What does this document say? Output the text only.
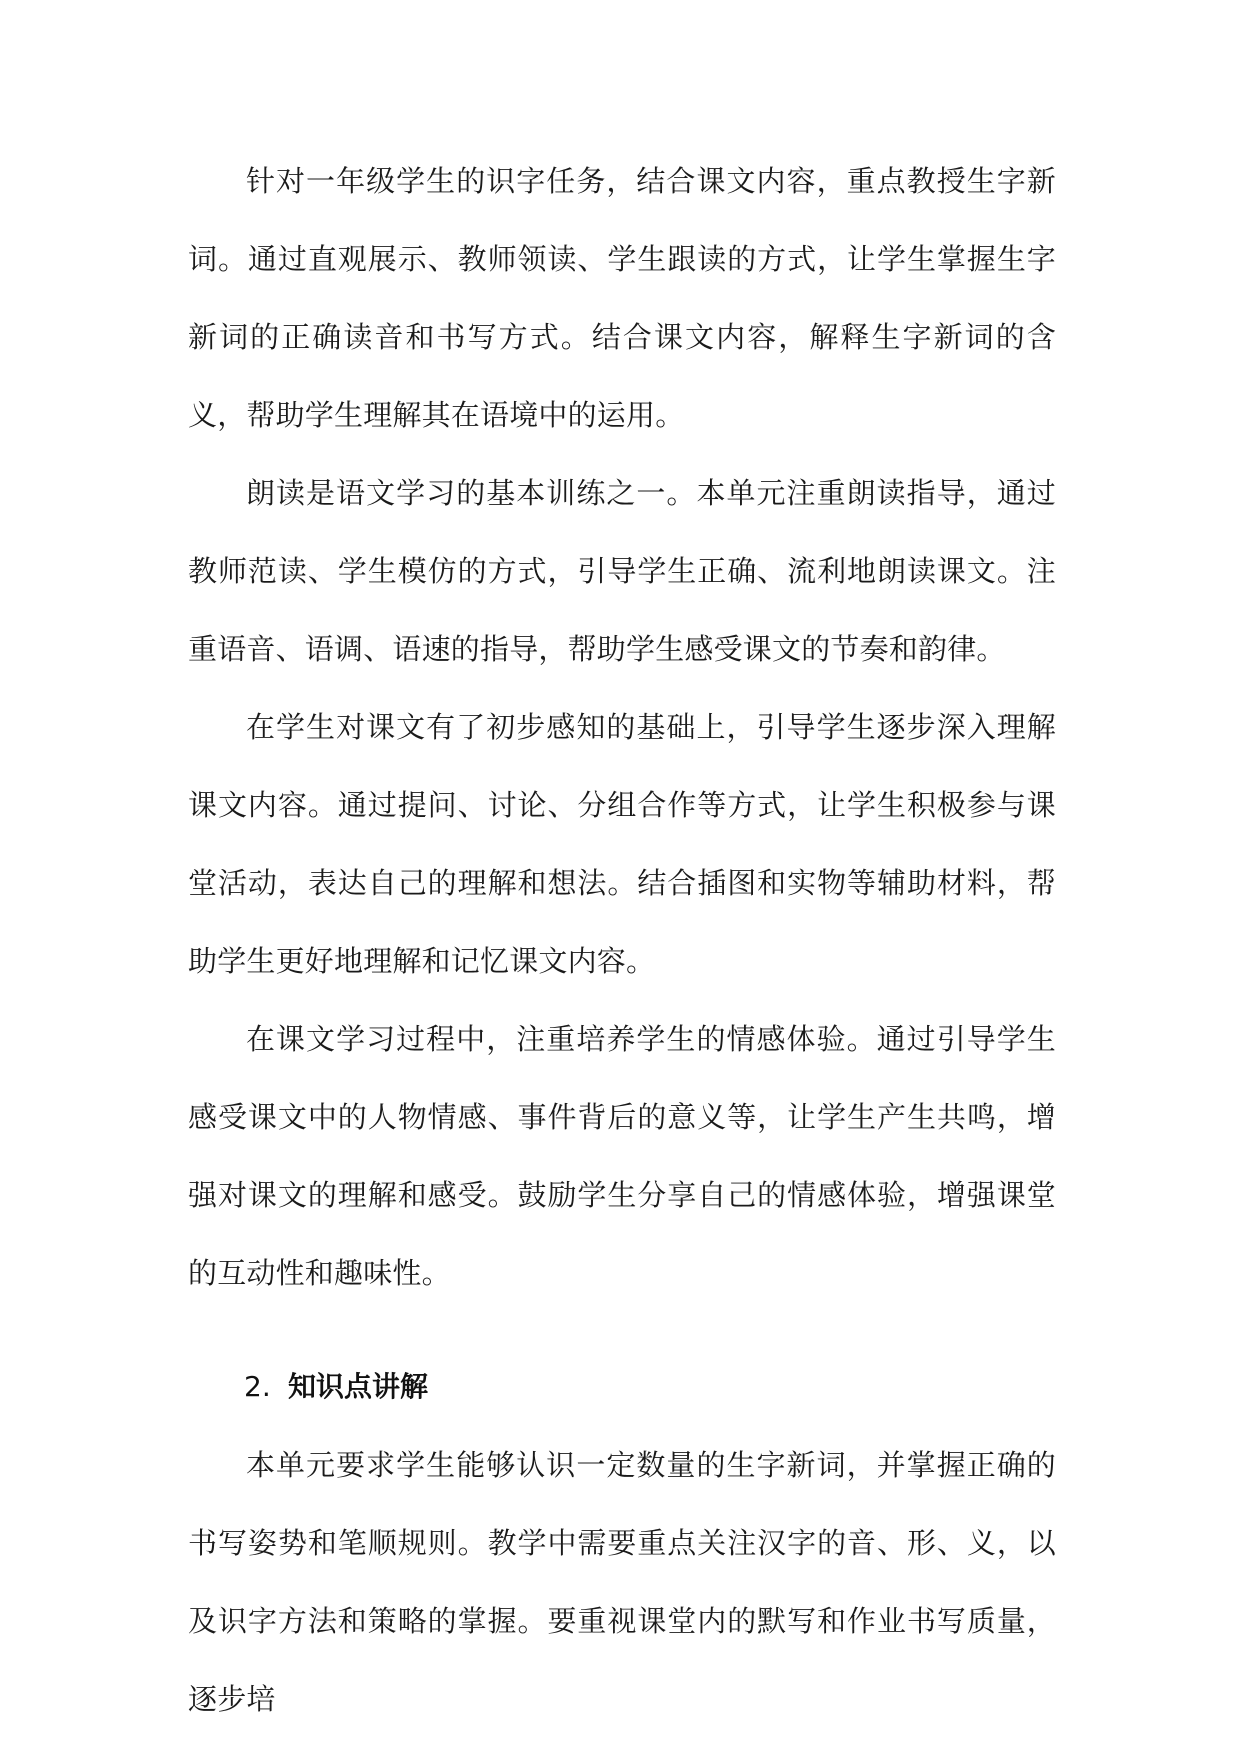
针对一年级学生的识字任务，结合课文内容，重点教授生字新词。通过直观展示、教师领读、学生跟读的方式，让学生掌握生字新词的正确读音和书写方式。结合课文内容，解释生字新词的含义，帮助学生理解其在语境中的运用。

朗读是语文学习的基本训练之一。本单元注重朗读指导，通过教师范读、学生模仿的方式，引导学生正确、流利地朗读课文。注重语音、语调、语速的指导，帮助学生感受课文的节奏和韵律。

在学生对课文有了初步感知的基础上，引导学生逐步深入理解课文内容。通过提问、讨论、分组合作等方式，让学生积极参与课堂活动，表达自己的理解和想法。结合插图和实物等辅助材料，帮助学生更好地理解和记忆课文内容。

在课文学习过程中，注重培养学生的情感体验。通过引导学生感受课文中的人物情感、事件背后的意义等，让学生产生共鸣，增强对课文的理解和感受。鼓励学生分享自己的情感体验，增强课堂的互动性和趣味性。

2. 知识点讲解

本单元要求学生能够认识一定数量的生字新词，并掌握正确的书写姿势和笔顺规则。教学中需要重点关注汉字的音、形、义，以及识字方法和策略的掌握。要重视课堂内的默写和作业书写质量，逐步培
